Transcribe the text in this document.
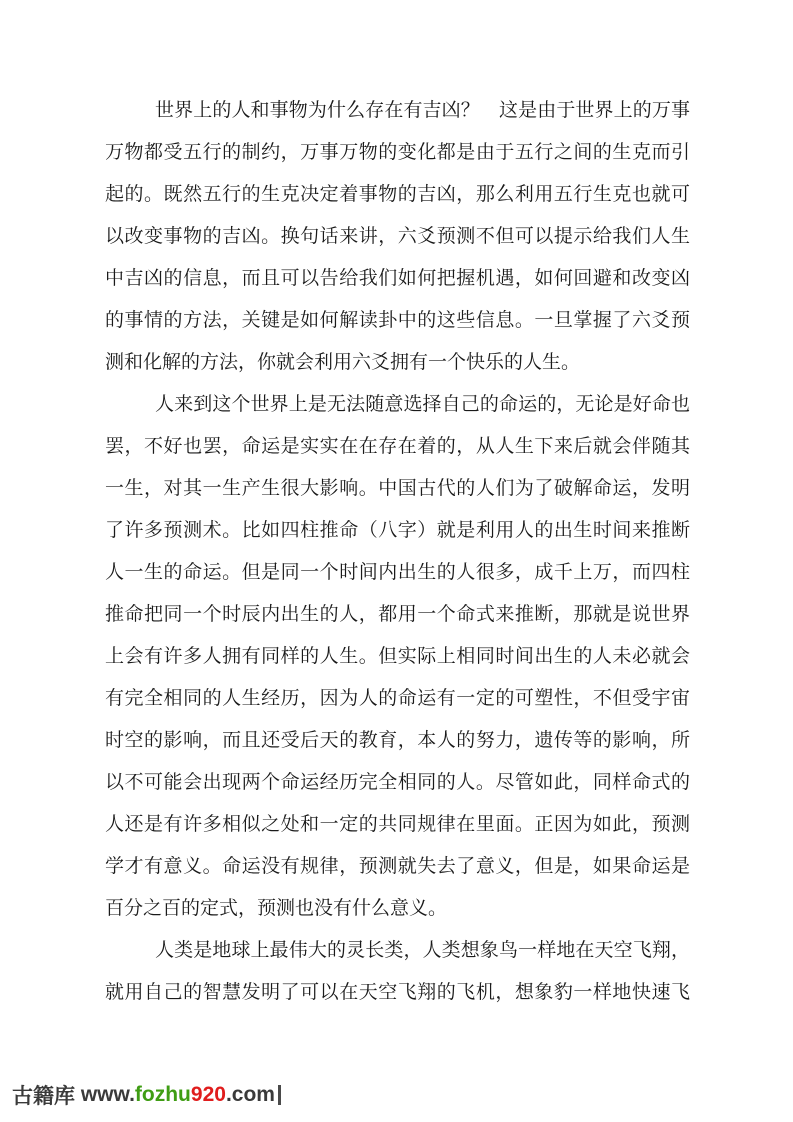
世界上的人和事物为什么存在有吉凶？　这是由于世界上的万事
万物都受五行的制约，万事万物的变化都是由于五行之间的生克而引
起的。既然五行的生克决定着事物的吉凶，那么利用五行生克也就可
以改变事物的吉凶。换句话来讲，六爻预测不但可以提示给我们人生
中吉凶的信息，而且可以告给我们如何把握机遇，如何回避和改变凶
的事情的方法，关键是如何解读卦中的这些信息。一旦掌握了六爻预
测和化解的方法，你就会利用六爻拥有一个快乐的人生。
人来到这个世界上是无法随意选择自己的命运的，无论是好命也
罢，不好也罢，命运是实实在在存在着的，从人生下来后就会伴随其
一生，对其一生产生很大影响。中国古代的人们为了破解命运，发明
了许多预测术。比如四柱推命（八字）就是利用人的出生时间来推断
人一生的命运。但是同一个时间内出生的人很多，成千上万，而四柱
推命把同一个时辰内出生的人，都用一个命式来推断，那就是说世界
上会有许多人拥有同样的人生。但实际上相同时间出生的人未必就会
有完全相同的人生经历，因为人的命运有一定的可塑性，不但受宇宙
时空的影响，而且还受后天的教育，本人的努力，遗传等的影响，所
以不可能会出现两个命运经历完全相同的人。尽管如此，同样命式的
人还是有许多相似之处和一定的共同规律在里面。正因为如此，预测
学才有意义。命运没有规律，预测就失去了意义，但是，如果命运是
百分之百的定式，预测也没有什么意义。
人类是地球上最伟大的灵长类，人类想象鸟一样地在天空飞翔，
就用自己的智慧发明了可以在天空飞翔的飞机，想象豹一样地快速飞
古籍库 www. fozhu 920 .com
